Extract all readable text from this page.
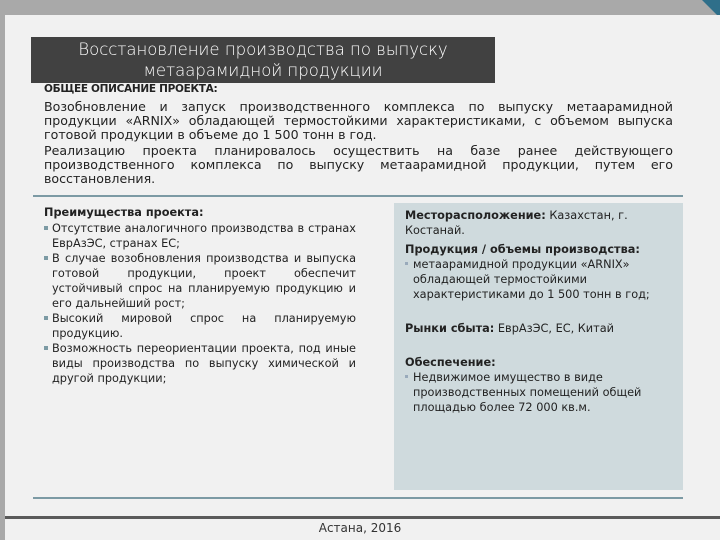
Восстановление производства по выпуску метаарамидной продукции
ОБЩЕЕ ОПИСАНИЕ ПРОЕКТА:

Возобновление и запуск производственного комплекса по выпуску метаарамидной продукции «ARNIX» обладающей термостойкими характеристиками, с объемом выпуска готовой продукции в объеме до 1 500 тонн в год.

Реализацию проекта планировалось осуществить на базе ранее действующего производственного комплекса по выпуску метаарамидной продукции, путем его восстановления.

Преимущества проекта:
Отсутствие аналогичного производства в странах ЕврАзЭС, странах ЕС;
В случае возобновления производства и выпуска готовой продукции, проект обеспечит устойчивый спрос на планируемую продукцию и его дальнейший рост;
Высокий мировой спрос на планируемую продукцию.
Возможность переориентации проекта, под иные виды производства по выпуску химической и другой продукции;
Месторасположение: Казахстан, г. Костанай.
Продукция / объемы производства:
метаарамидной продукции «ARNIX» обладающей термостойкими характеристиками до 1 500 тонн в год;
Рынки сбыта: ЕврАзЭС, ЕС, Китай
Обеспечение:
Недвижимое имущество в виде производственных помещений общей площадью более 72 000 кв.м.
Астана, 2016
